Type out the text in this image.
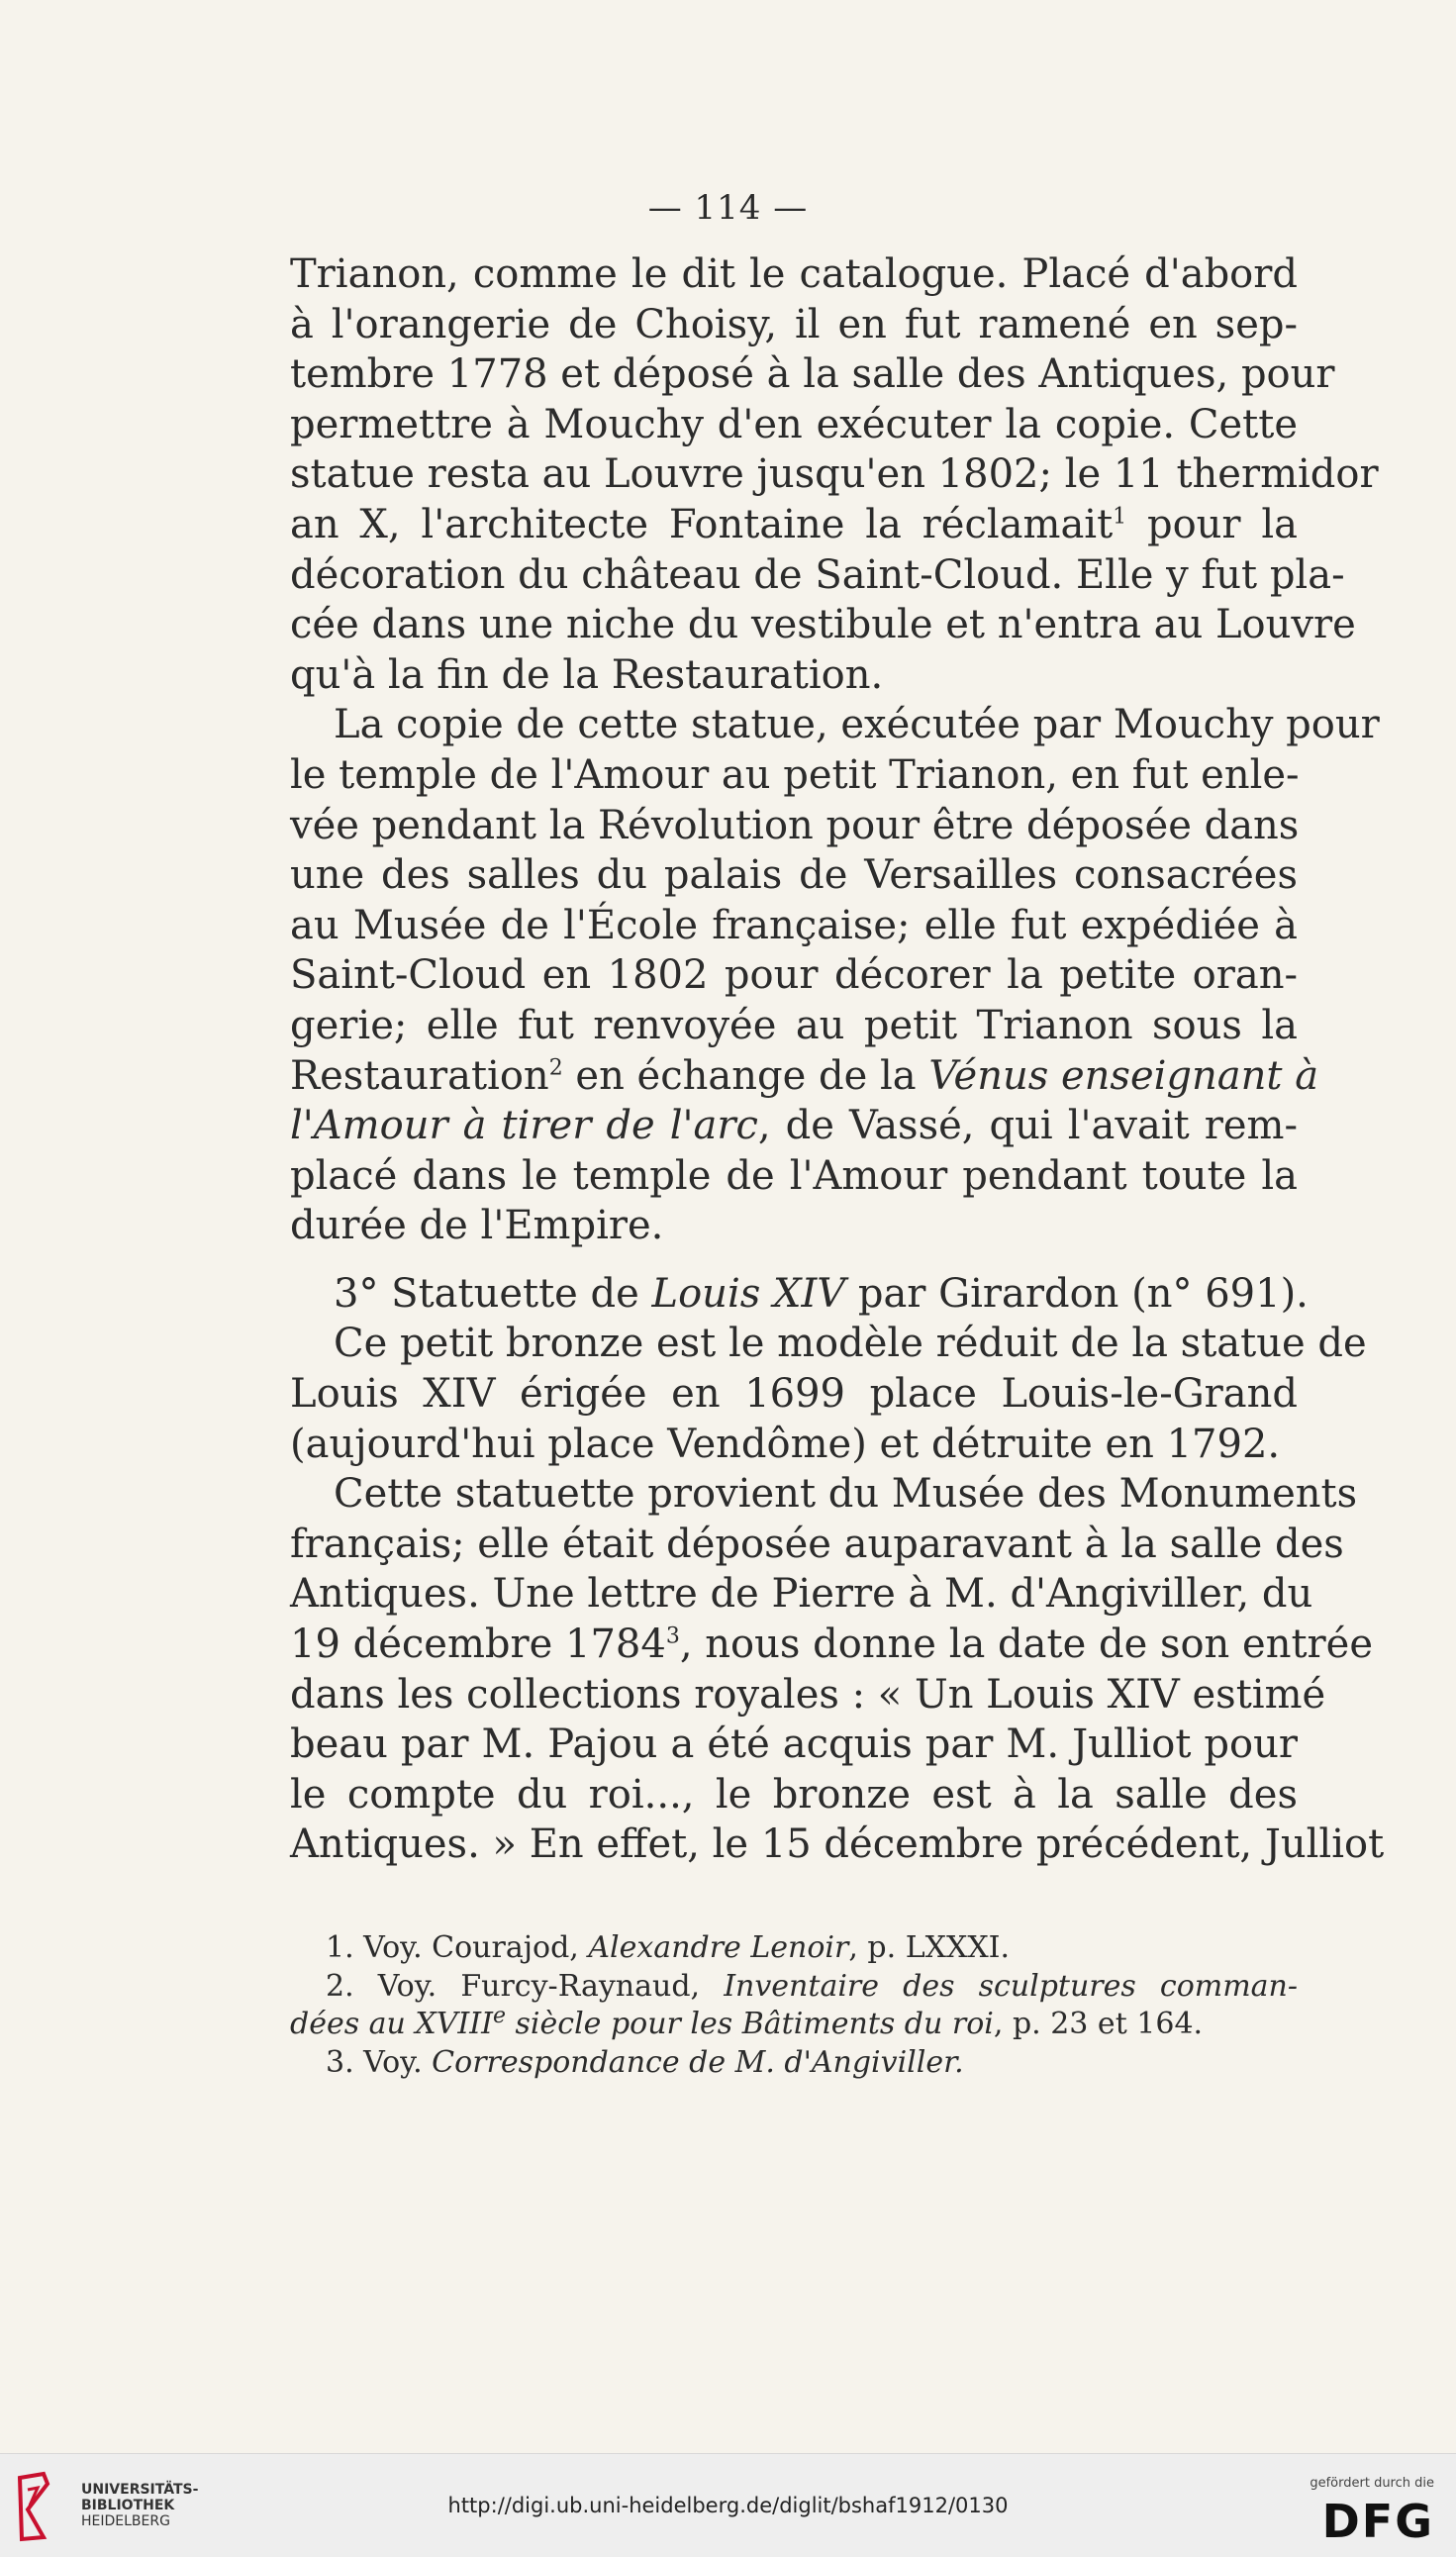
— 114 —
Trianon, comme le dit le catalogue. Placé d'abord
à l'orangerie de Choisy, il en fut ramené en sep-
tembre 1778 et déposé à la salle des Antiques, pour
permettre à Mouchy d'en exécuter la copie. Cette
statue resta au Louvre jusqu'en 1802; le 11 thermidor
an X, l'architecte Fontaine la réclamait$^1$ pour la
décoration du château de Saint-Cloud. Elle y fut pla-
cée dans une niche du vestibule et n'entra au Louvre
qu'à la fin de la Restauration.
La copie de cette statue, exécutée par Mouchy pour
le temple de l'Amour au petit Trianon, en fut enle-
vée pendant la Révolution pour être déposée dans
une des salles du palais de Versailles consacrées
au Musée de l'École française; elle fut expédiée à
Saint-Cloud en 1802 pour décorer la petite oran-
gerie; elle fut renvoyée au petit Trianon sous la
Restauration$^2$ en échange de la Vénus enseignant à
l'Amour à tirer de l'arc, de Vassé, qui l'avait rem-
placé dans le temple de l'Amour pendant toute la
durée de l'Empire.
3° Statuette de Louis XIV par Girardon (n° 691).
Ce petit bronze est le modèle réduit de la statue de
Louis XIV érigée en 1699 place Louis-le-Grand
(aujourd'hui place Vendôme) et détruite en 1792.
Cette statuette provient du Musée des Monuments
français; elle était déposée auparavant à la salle des
Antiques. Une lettre de Pierre à M. d'Angiviller, du
19 décembre 1784$^3$, nous donne la date de son entrée
dans les collections royales : « Un Louis XIV estimé
beau par M. Pajou a été acquis par M. Julliot pour
le compte du roi..., le bronze est à la salle des
Antiques. » En effet, le 15 décembre précédent, Julliot
1. Voy. Courajod, Alexandre Lenoir, p. LXXXI.
2. Voy. Furcy-Raynaud, Inventaire des sculptures comman-
dées au XVIIIe siècle pour les Bâtiments du roi, p. 23 et 164.
3. Voy. Correspondance de M. d'Angiviller.
UNIVERSITÄTS-
BIBLIOTHEK
HEIDELBERG
http://digi.ub.uni-heidelberg.de/diglit/bshaf1912/0130
gefördert durch die
DFG
